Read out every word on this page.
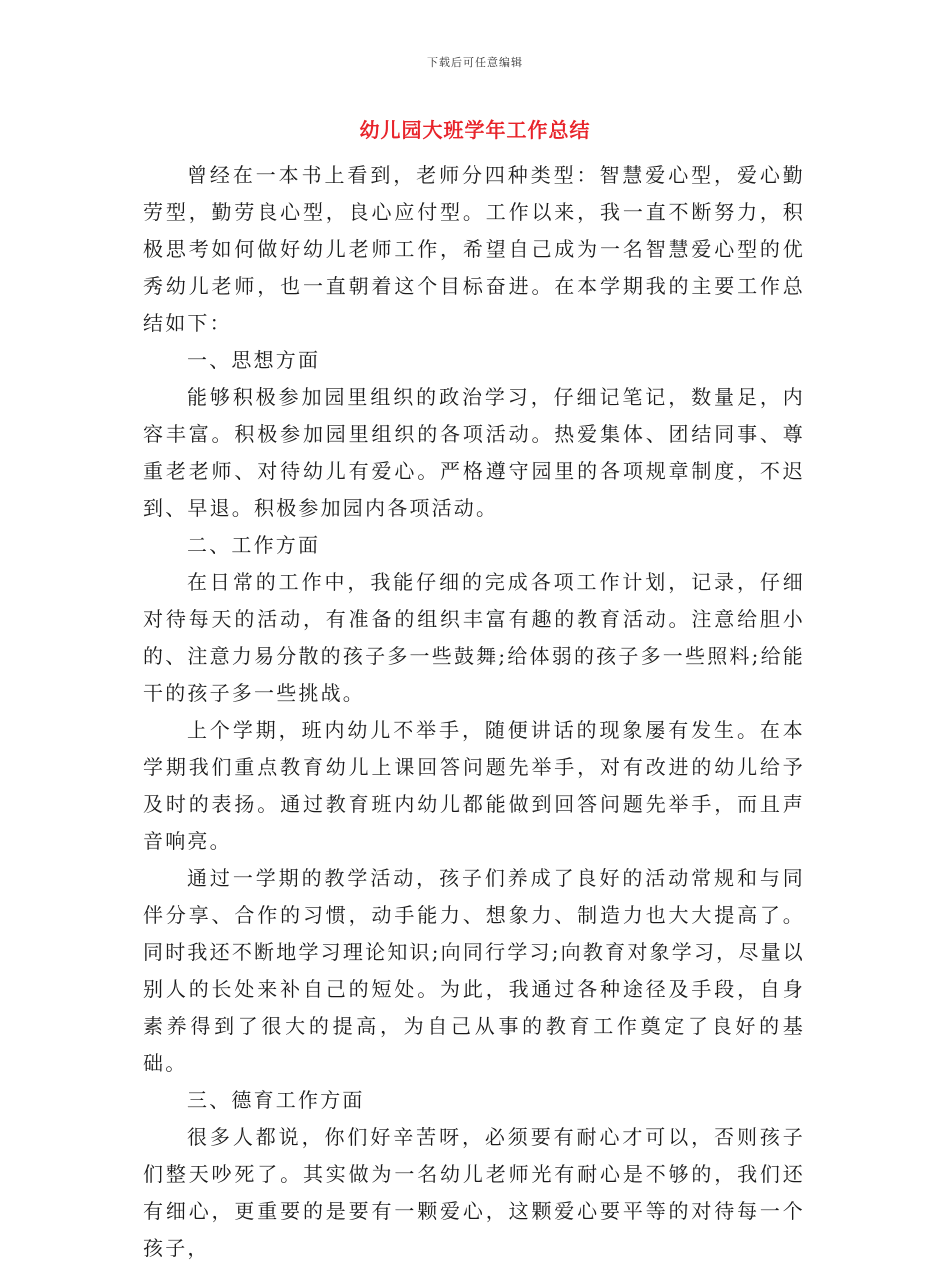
下载后可任意编辑
幼儿园大班学年工作总结

曾经在一本书上看到，老师分四种类型：智慧爱心型，爱心勤劳型，勤劳良心型，良心应付型。工作以来，我一直不断努力，积极思考如何做好幼儿老师工作，希望自己成为一名智慧爱心型的优秀幼儿老师，也一直朝着这个目标奋进。在本学期我的主要工作总结如下：

一、思想方面

能够积极参加园里组织的政治学习，仔细记笔记，数量足，内容丰富。积极参加园里组织的各项活动。热爱集体、团结同事、尊重老老师、对待幼儿有爱心。严格遵守园里的各项规章制度，不迟到、早退。积极参加园内各项活动。

二、工作方面

在日常的工作中，我能仔细的完成各项工作计划，记录，仔细对待每天的活动，有准备的组织丰富有趣的教育活动。注意给胆小的、注意力易分散的孩子多一些鼓舞;给体弱的孩子多一些照料;给能干的孩子多一些挑战。

上个学期，班内幼儿不举手，随便讲话的现象屡有发生。在本学期我们重点教育幼儿上课回答问题先举手，对有改进的幼儿给予及时的表扬。通过教育班内幼儿都能做到回答问题先举手，而且声音响亮。

通过一学期的教学活动，孩子们养成了良好的活动常规和与同伴分享、合作的习惯，动手能力、想象力、制造力也大大提高了。同时我还不断地学习理论知识;向同行学习;向教育对象学习，尽量以别人的长处来补自己的短处。为此，我通过各种途径及手段，自身素养得到了很大的提高，为自己从事的教育工作奠定了良好的基础。

三、德育工作方面

很多人都说，你们好辛苦呀，必须要有耐心才可以，否则孩子们整天吵死了。其实做为一名幼儿老师光有耐心是不够的，我们还有细心，更重要的是要有一颗爱心，这颗爱心要平等的对待每一个孩子，
